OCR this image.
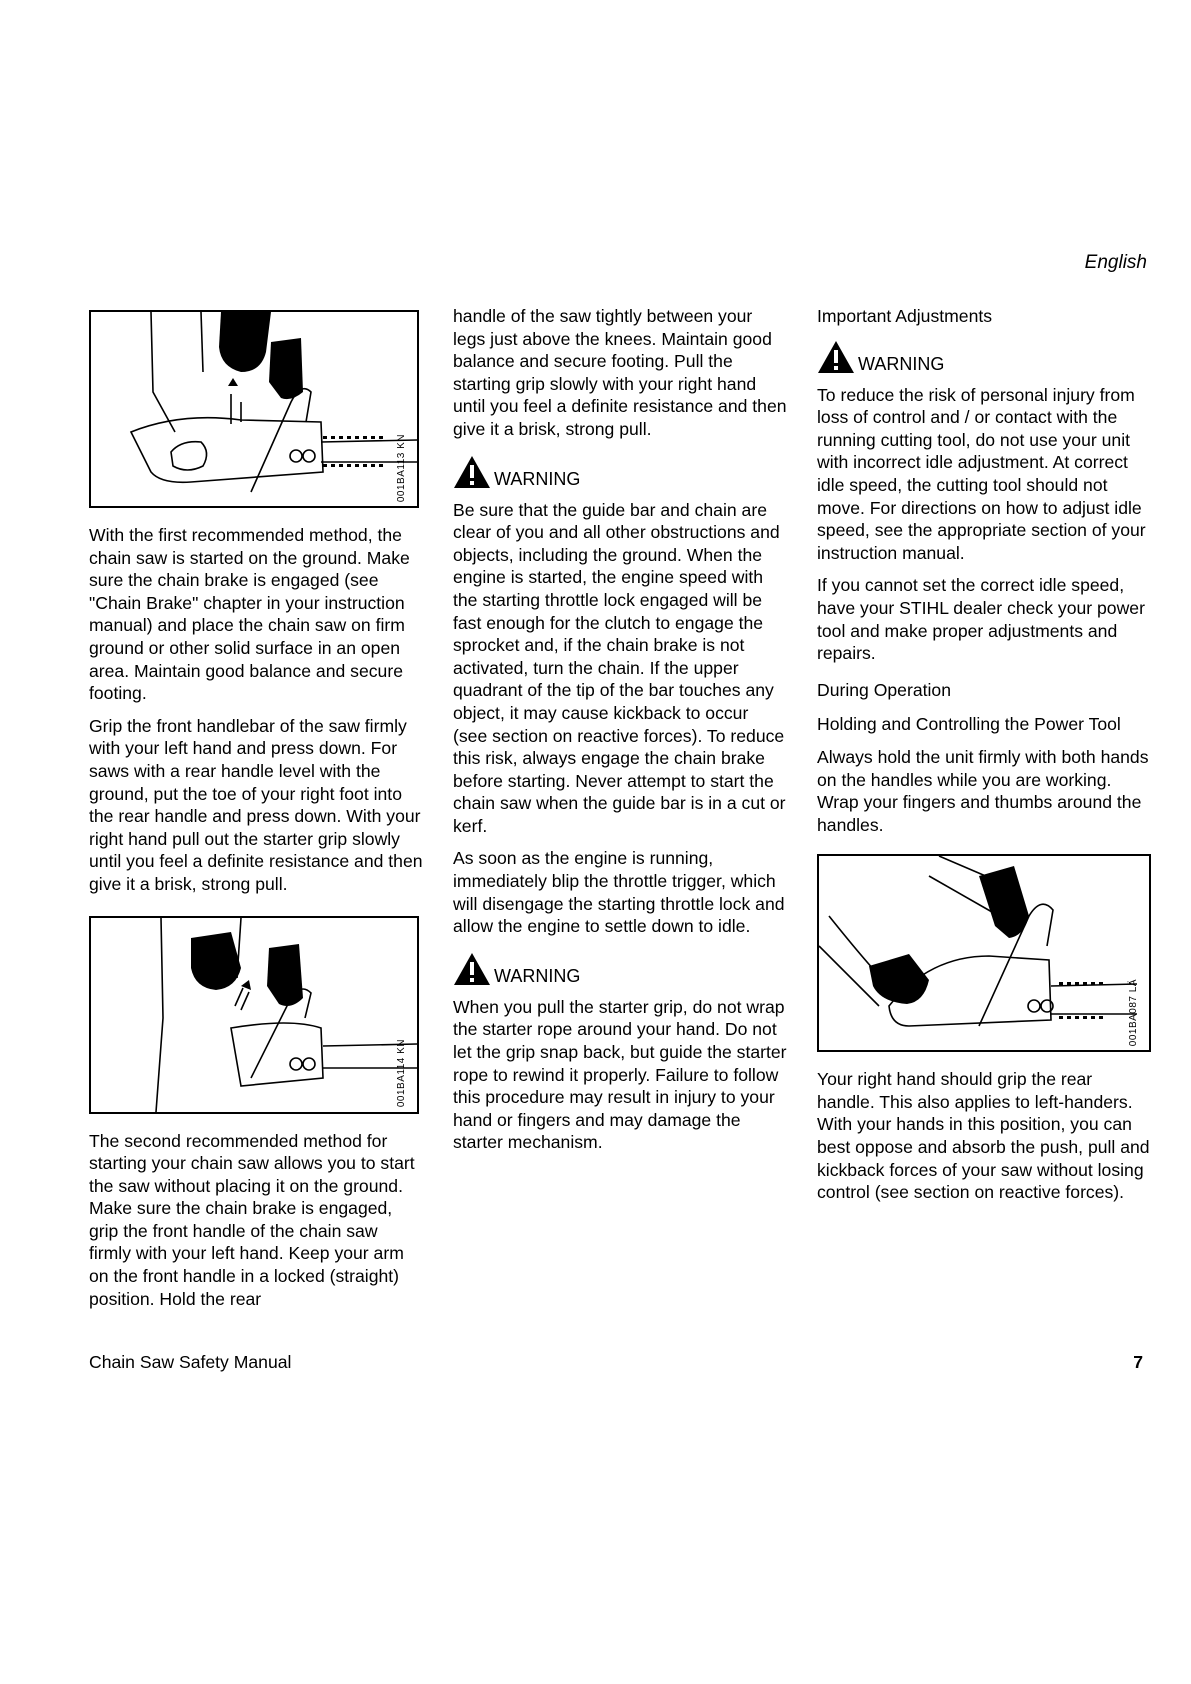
English
001BA113 KN

With the first recommended method, the chain saw is started on the ground. Make sure the chain brake is engaged (see "Chain Brake" chapter in your instruction manual) and place the chain saw on firm ground or other solid surface in an open area. Maintain good balance and secure footing.

Grip the front handlebar of the saw firmly with your left hand and press down. For saws with a rear handle level with the ground, put the toe of your right foot into the rear handle and press down. With your right hand pull out the starter grip slowly until you feel a definite resistance and then give it a brisk, strong pull.

001BA114 KN

The second recommended method for starting your chain saw allows you to start the saw without placing it on the ground. Make sure the chain brake is engaged, grip the front handle of the chain saw firmly with your left hand. Keep your arm on the front handle in a locked (straight) position. Hold the rear

handle of the saw tightly between your legs just above the knees. Maintain good balance and secure footing. Pull the starting grip slowly with your right hand until you feel a definite resistance and then give it a brisk, strong pull.

WARNING

Be sure that the guide bar and chain are clear of you and all other obstructions and objects, including the ground. When the engine is started, the engine speed with the starting throttle lock engaged will be fast enough for the clutch to engage the sprocket and, if the chain brake is not activated, turn the chain. If the upper quadrant of the tip of the bar touches any object, it may cause kickback to occur (see section on reactive forces). To reduce this risk, always engage the chain brake before starting. Never attempt to start the chain saw when the guide bar is in a cut or kerf.

As soon as the engine is running, immediately blip the throttle trigger, which will disengage the starting throttle lock and allow the engine to settle down to idle.

WARNING

When you pull the starter grip, do not wrap the starter rope around your hand. Do not let the grip snap back, but guide the starter rope to rewind it properly. Failure to follow this procedure may result in injury to your hand or fingers and may damage the starter mechanism.

Important Adjustments
WARNING

To reduce the risk of personal injury from loss of control and / or contact with the running cutting tool, do not use your unit with incorrect idle adjustment. At correct idle speed, the cutting tool should not move. For directions on how to adjust idle speed, see the appropriate section of your instruction manual.

If you cannot set the correct idle speed, have your STIHL dealer check your power tool and make proper adjustments and repairs.

During Operation
Holding and Controlling the Power Tool

Always hold the unit firmly with both hands on the handles while you are working. Wrap your fingers and thumbs around the handles.

001BA087 LÄ

Your right hand should grip the rear handle. This also applies to left-handers. With your hands in this position, you can best oppose and absorb the push, pull and kickback forces of your saw without losing control (see section on reactive forces).

Chain Saw Safety Manual	7
